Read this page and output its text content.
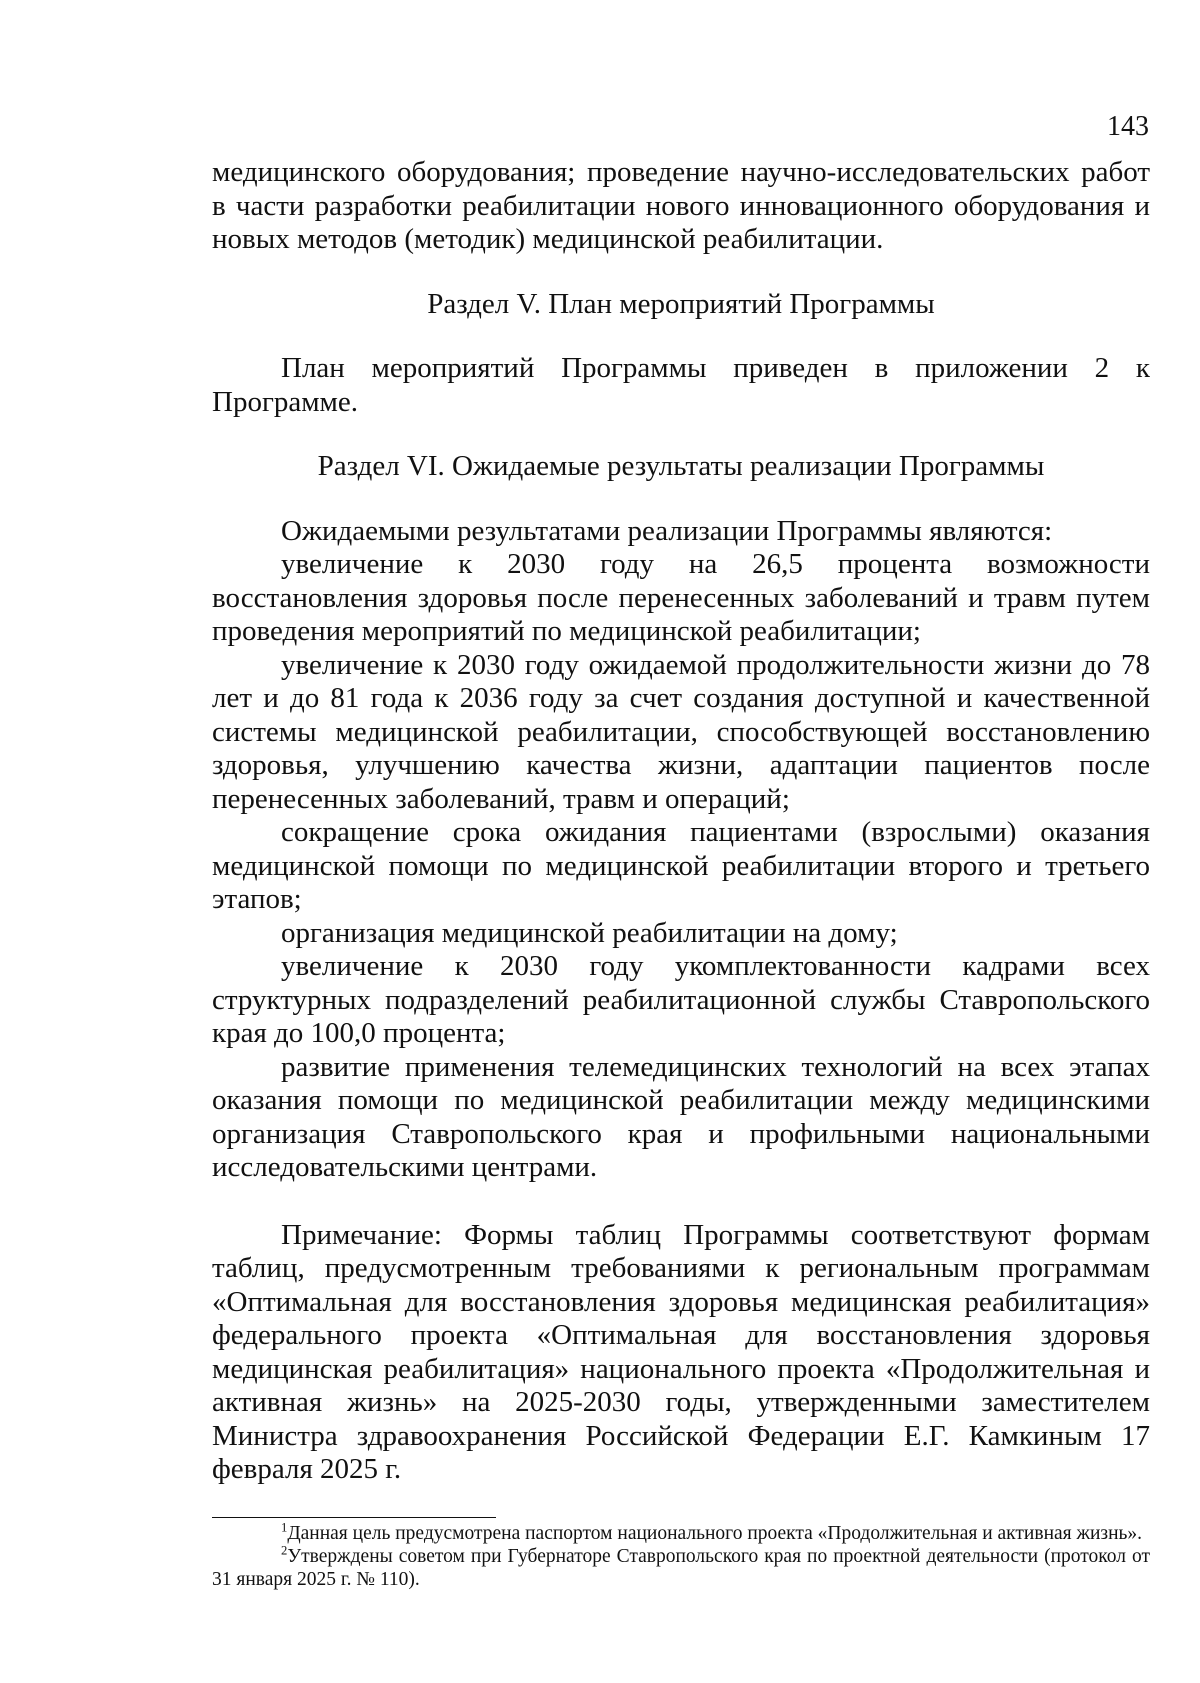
143

медицинского оборудования; проведение научно-исследовательских работ в части разработки реабилитации нового инновационного оборудования и новых методов (методик) медицинской реабилитации.

Раздел V. План мероприятий Программы

План мероприятий Программы приведен в приложении 2 к Программе.

Раздел VI. Ожидаемые результаты реализации Программы

Ожидаемыми результатами реализации Программы являются:

увеличение к 2030 году на 26,5 процента возможности восстановления здоровья после перенесенных заболеваний и травм путем проведения мероприятий по медицинской реабилитации;

увеличение к 2030 году ожидаемой продолжительности жизни до 78 лет и до 81 года к 2036 году за счет создания доступной и качественной системы медицинской реабилитации, способствующей восстановлению здоровья, улучшению качества жизни, адаптации пациентов после перенесенных заболеваний, травм и операций;

сокращение срока ожидания пациентами (взрослыми) оказания медицинской помощи по медицинской реабилитации второго и третьего этапов;

организация медицинской реабилитации на дому;

увеличение к 2030 году укомплектованности кадрами всех структурных подразделений реабилитационной службы Ставропольского края до 100,0 процента;

развитие применения телемедицинских технологий на всех этапах оказания помощи по медицинской реабилитации между медицинскими организация Ставропольского края и профильными национальными исследовательскими центрами.

Примечание: Формы таблиц Программы соответствуют формам таблиц, предусмотренным требованиями к региональным программам «Оптимальная для восстановления здоровья медицинская реабилитация» федерального проекта «Оптимальная для восстановления здоровья медицинская реабилитация» национального проекта «Продолжительная и активная жизнь» на 2025-2030 годы, утвержденными заместителем Министра здравоохранения Российской Федерации Е.Г. Камкиным 17 февраля 2025 г.

$^1$Данная цель предусмотрена паспортом национального проекта «Продолжительная и активная жизнь».

$^2$Утверждены советом при Губернаторе Ставропольского края по проектной деятельности (протокол от 31 января 2025 г. № 110).
